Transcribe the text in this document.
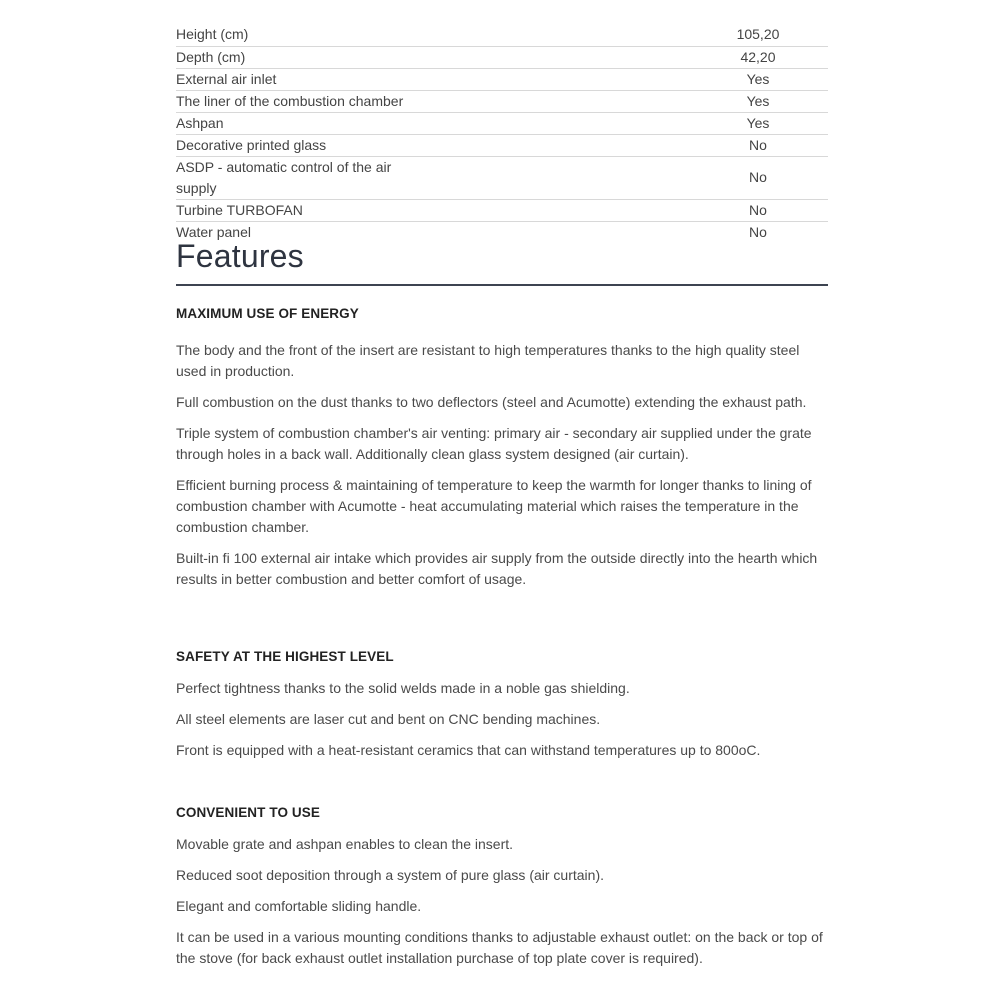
Height (cm)	105,20
Depth (cm)	42,20
External air inlet	Yes
The liner of the combustion chamber	Yes
Ashpan	Yes
Decorative printed glass	No
ASDP - automatic control of the air supply	No
Turbine TURBOFAN	No
Water panel	No
Features
MAXIMUM USE OF ENERGY

The body and the front of the insert are resistant to high temperatures thanks to the high quality steel used in production.

Full combustion on the dust thanks to two deflectors (steel and Acumotte) extending the exhaust path.

Triple system of combustion chamber's air venting: primary air - secondary air supplied under the grate through holes in a back wall. Additionally clean glass system designed (air curtain).

Efficient burning process & maintaining of temperature to keep the warmth for longer thanks to lining of combustion chamber with Acumotte - heat accumulating material which raises the temperature in the combustion chamber.

Built-in fi 100 external air intake which provides air supply from the outside directly into the hearth which results in better combustion and better comfort of usage.

SAFETY AT THE HIGHEST LEVEL

Perfect tightness thanks to the solid welds made in a noble gas shielding.

All steel elements are laser cut and bent on CNC bending machines.

Front is equipped with a heat-resistant ceramics that can withstand temperatures up to 800oC.

CONVENIENT TO USE

Movable grate and ashpan enables to clean the insert.

Reduced soot deposition through a system of pure glass (air curtain).

Elegant and comfortable sliding handle.

It can be used in a various mounting conditions thanks to adjustable exhaust outlet: on the back or top of the stove (for back exhaust outlet installation purchase of top plate cover is required).
